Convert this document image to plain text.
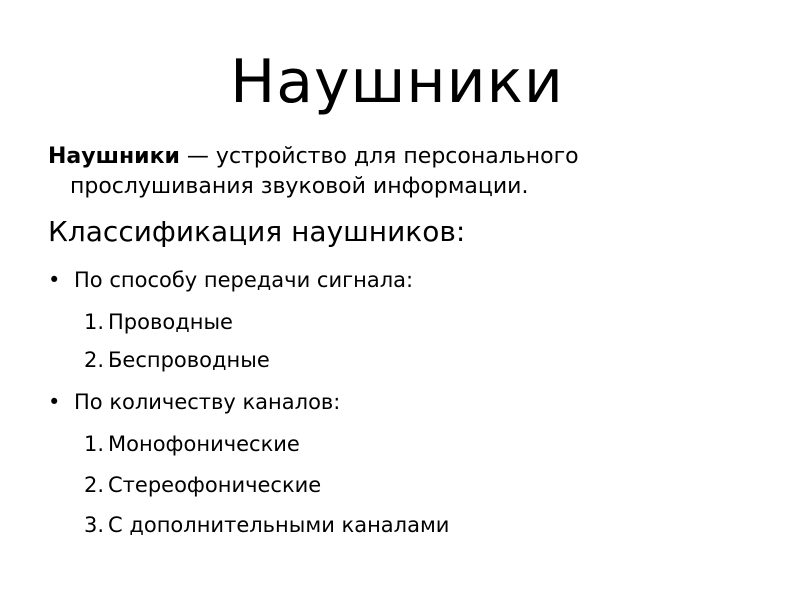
Наушники
Наушники — устройство для персонального
прослушивания звуковой информации.
Классификация наушников:
• По способу передачи сигнала:
1. Проводные
2. Беспроводные
• По количеству каналов:
1. Монофонические
2. Стереофонические
3. С дополнительными каналами
